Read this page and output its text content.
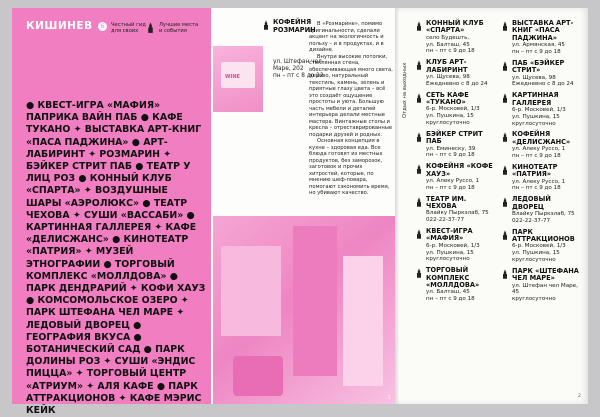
КИШИНЕВ	6	Честный гид
для своих
Лучшие места
и события
● КВЕСТ-ИГРА «МАФИЯ» ПАПРИКА ВАЙН ПАБ ● КАФЕ ТУКАНО ✦ ВЫСТАВКА АРТ-КНИГ «ПАСА ПАДЖИНА» ● АРТ-ЛАБИРИНТ ✦ РОЗМАРИН ✦ БЭЙКЕР СТРИТ ПАБ ● ТЕАТР У ЛИЦ РОЗ ● КОННЫЙ КЛУБ «СПАРТА» ✦ ВОЗДУШНЫЕ ШАРЫ «АЭРОЛЮКС» ● ТЕАТР ЧЕХОВА ✦ СУШИ «ВАССАБИ» ● КАРТИННАЯ ГАЛЛЕРЕЯ ✦ КАФЕ «ДЕЛИСЖАНС» ● КИНОТЕАТР «ПАТРИЯ» ✦ МУЗЕЙ ЭТНОГРАФИИ ● ТОРГОВЫЙ КОМПЛЕКС «МОЛЛДОВА» ● ПАРК ДЕНДРАРИЙ ✦ КОФИ ХАУЗ ● КОМСОМОЛЬСКОЕ ОЗЕРО ✦ ПАРК ШТЕФАНА ЧЕЛ МАРЕ ✦ ЛЕДОВЫЙ ДВОРЕЦ ● ГЕОГРАФИЯ ВКУСА ● БОТАНИЧЕСКИЙ САД ● ПАРК ДОЛИНЫ РОЗ ✦ СУШИ «ЭНДИС ПИЦЦА» ✦ ТОРГОВЫЙ ЦЕНТР «АТРИУМ» ✦ АЛЯ КАФЕ ● ПАРК АТТРАКЦИОНОВ ✦ КАФЕ МЭРИС КЕЙК
WINE
КОФЕЙНЯ РОЗМАРИН
ул. Штефан чел Маре, 202
пн – пт с 8 до 22

В «Розмарине», помимо оригинальности, сделали акцент на экологичность и пользу – и в продуктах, и в дизайне.

Внутри высокие потолки, стеклянная стена, обеспечивающая много света, дерево, натуральный текстиль, камень, зелень и приятные глазу цвета – всё это создаёт ощущение простоты и уюта. Большую часть мебели и деталей интерьера делали местные мастера. Винтажные столы и кресла – отреставрированные подарки друзей и родных.

Основная концепция в кухне – здоровая еда. Все блюда готовят из местных продуктов, без заморозок, заготовок и прочих хитростей, которые, по мнению шеф-повара, помогают сэкономить время, но убивают качество.

1
Отдых на выходных
КОННЫЙ КЛУБ «СПАРТА»
село Будешть,
ул. Балташ, 45
пн – пт с 9 до 18
КЛУБ АРТ-ЛАБИРИНТ
ул. Щусева, 98
Ежедневно с 8 до 24
СЕТЬ КАФЕ «ТУКАНО»
6-р. Московей, 1/3
ул. Пушкина, 15
круглосуточно
БЭЙКЕР СТРИТ ПАБ
ул. Еминеску, 39
пн – пт с 9 до 18
КОФЕЙНЯ «КОФЕ ХАУЗ»
ул. Алеку Руссо, 1
пн – пт с 9 до 18
ТЕАТР ИМ. ЧЕХОВА
Влайку Пыркэлаб, 75
022-22-37-77
КВЕСТ-ИГРА «МАФИЯ»
6-р. Московей, 1/3
ул. Пушкина, 15
круглосуточно
ТОРГОВЫЙ КОМПЛЕКС «МОЛЛДОВА»
ул. Балташ, 45
пн – пт с 9 до 18
ВЫСТАВКА АРТ-КНИГ «ПАСА ПАДЖИНА»
ул. Армянская, 45
пн – пт с 9 до 18
ПАБ «БЭЙКЕР СТРИТ»
ул. Щусева, 98
Ежедневно с 8 до 24
КАРТИННАЯ ГАЛЛЕРЕЯ
6-р. Московей, 1/3
ул. Пушкина, 15
круглосуточно
КОФЕЙНЯ «ДЕЛИСЖАНС»
ул. Алеку Руссо, 1
пн – пт с 9 до 18
КИНОТЕАТР «ПАТРИЯ»
ул. Алеку Руссо, 1
пн – пт с 9 до 18
ЛЕДОВЫЙ ДВОРЕЦ
Влайку Пыркэлаб, 75
022-22-37-77
ПАРК АТТРАКЦИОНОВ
6-р. Московей, 1/3
ул. Пушкина, 15
круглосуточно
ПАРК «ШТЕФАНА ЧЕЛ МАРЕ»
ул. Штефан чел Маре, 45
круглосуточно
2
